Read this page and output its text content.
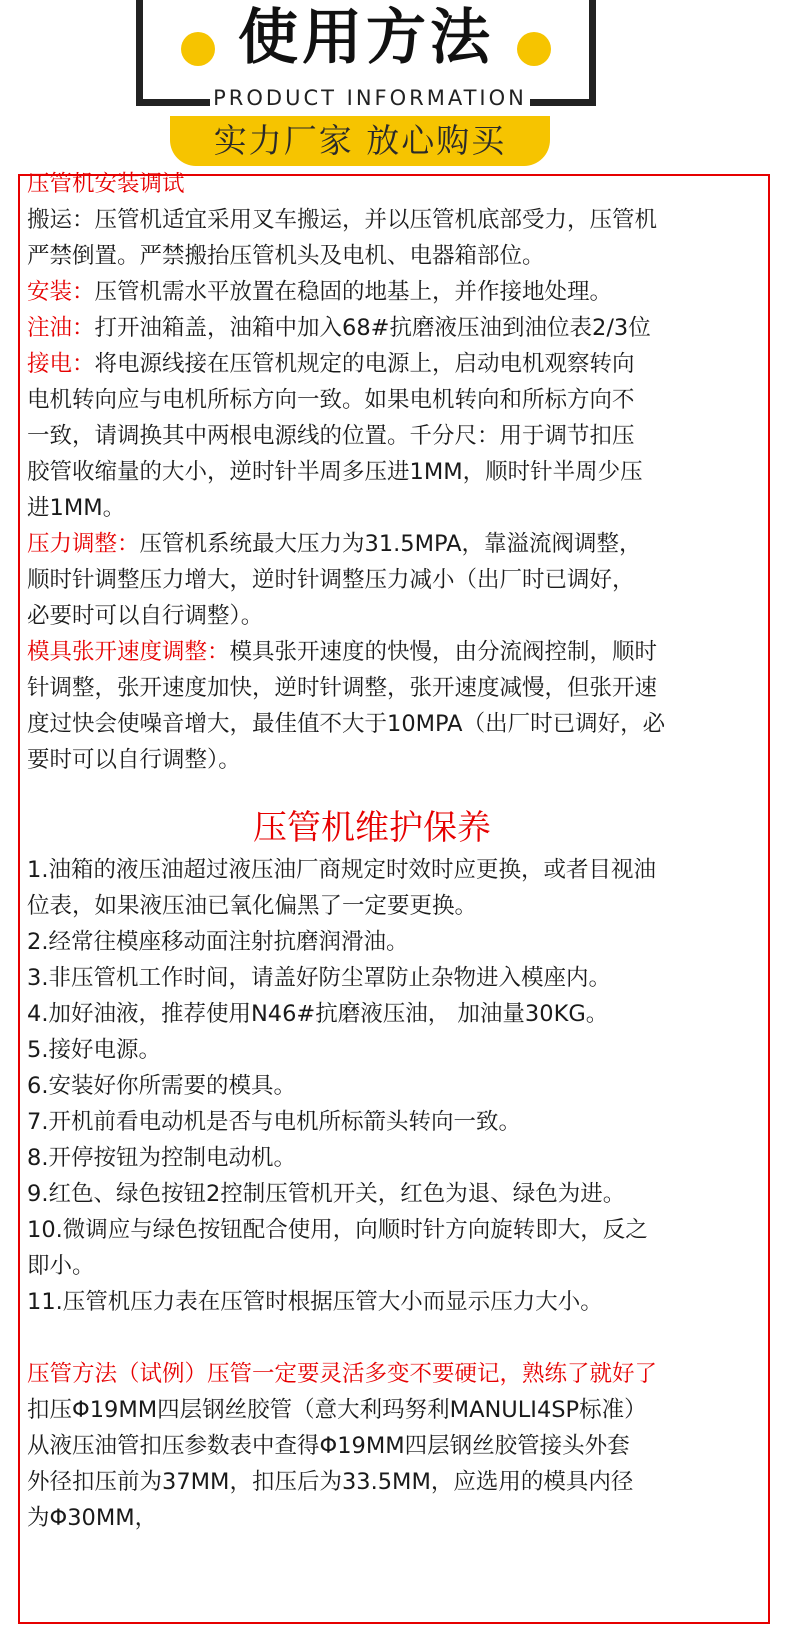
使用方法
PRODUCT INFORMATION
实力厂家 放心购买
压管机安装调试
搬运：压管机适宜采用叉车搬运，并以压管机底部受力，压管机
严禁倒置。严禁搬抬压管机头及电机、电器箱部位。
安装：压管机需水平放置在稳固的地基上，并作接地处理。
注油：打开油箱盖，油箱中加入68#抗磨液压油到油位表2/3位
接电：将电源线接在压管机规定的电源上，启动电机观察转向
电机转向应与电机所标方向一致。如果电机转向和所标方向不
一致，请调换其中两根电源线的位置。千分尺：用于调节扣压
胶管收缩量的大小，逆时针半周多压进1MM，顺时针半周少压
进1MM。
压力调整：压管机系统最大压力为31.5MPA，靠溢流阀调整，
顺时针调整压力增大，逆时针调整压力减小（出厂时已调好，
必要时可以自行调整）。
模具张开速度调整：模具张开速度的快慢，由分流阀控制，顺时
针调整，张开速度加快，逆时针调整，张开速度减慢，但张开速
度过快会使噪音增大，最佳值不大于10MPA（出厂时已调好，必
要时可以自行调整）。
压管机维护保养
1.油箱的液压油超过液压油厂商规定时效时应更换，或者目视油
位表，如果液压油已氧化偏黑了一定要更换。
2.经常往模座移动面注射抗磨润滑油。
3.非压管机工作时间，请盖好防尘罩防止杂物进入模座内。
4.加好油液，推荐使用N46#抗磨液压油， 加油量30KG。
5.接好电源。
6.安装好你所需要的模具。
7.开机前看电动机是否与电机所标箭头转向一致。
8.开停按钮为控制电动机。
9.红色、绿色按钮2控制压管机开关，红色为退、绿色为进。
10.微调应与绿色按钮配合使用，向顺时针方向旋转即大，反之
即小。
11.压管机压力表在压管时根据压管大小而显示压力大小。
压管方法（试例）压管一定要灵活多变不要硬记，熟练了就好了
扣压Φ19MM四层钢丝胶管（意大利玛努利MANULI4SP标准）
从液压油管扣压参数表中查得Φ19MM四层钢丝胶管接头外套
外径扣压前为37MM，扣压后为33.5MM，应选用的模具内径
为Φ30MM，
